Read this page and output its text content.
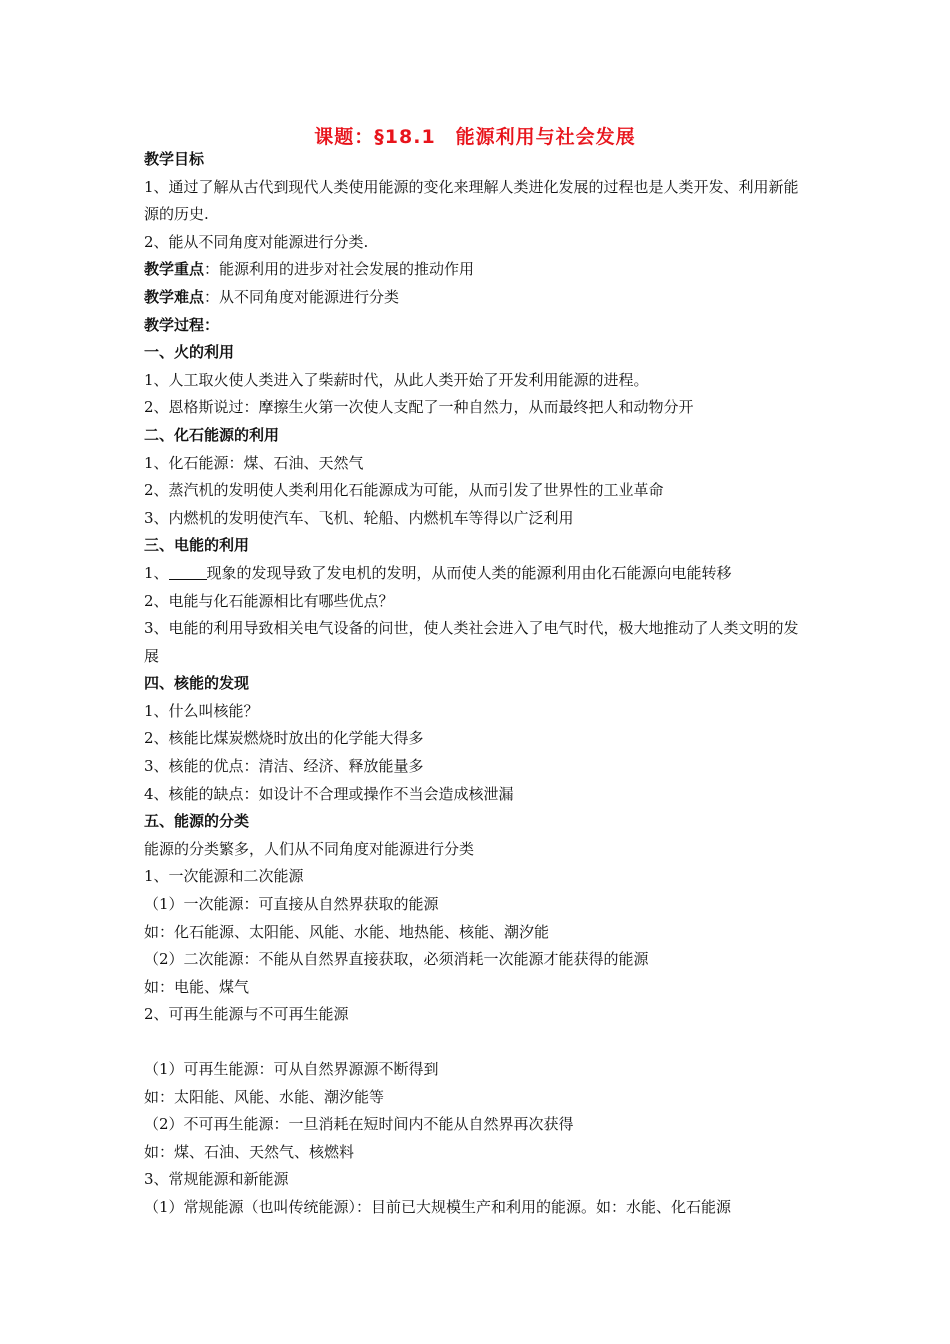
课题：§18.1　能源利用与社会发展
教学目标
1、通过了解从古代到现代人类使用能源的变化来理解人类进化发展的过程也是人类开发、利用新能源的历史.
2、能从不同角度对能源进行分类.
教学重点：能源利用的进步对社会发展的推动作用
教学难点：从不同角度对能源进行分类
教学过程：
一、火的利用
1、人工取火使人类进入了柴薪时代，从此人类开始了开发利用能源的进程。
2、恩格斯说过：摩擦生火第一次使人支配了一种自然力，从而最终把人和动物分开
二、化石能源的利用
1、化石能源：煤、石油、天然气
2、蒸汽机的发明使人类利用化石能源成为可能，从而引发了世界性的工业革命
3、内燃机的发明使汽车、飞机、轮船、内燃机车等得以广泛利用
三、电能的利用
1、	现象的发现导致了发电机的发明，从而使人类的能源利用由化石能源向电能转移
2、电能与化石能源相比有哪些优点？
3、电能的利用导致相关电气设备的问世，使人类社会进入了电气时代，极大地推动了人类文明的发展
四、核能的发现
1、什么叫核能？
2、核能比煤炭燃烧时放出的化学能大得多
3、核能的优点：清洁、经济、释放能量多
4、核能的缺点：如设计不合理或操作不当会造成核泄漏
五、能源的分类
能源的分类繁多，人们从不同角度对能源进行分类
1、一次能源和二次能源
（1）一次能源：可直接从自然界获取的能源
如：化石能源、太阳能、风能、水能、地热能、核能、潮汐能
（2）二次能源：不能从自然界直接获取，必须消耗一次能源才能获得的能源
如：电能、煤气
2、可再生能源与不可再生能源
（1）可再生能源：可从自然界源源不断得到
如：太阳能、风能、水能、潮汐能等
（2）不可再生能源：一旦消耗在短时间内不能从自然界再次获得
如：煤、石油、天然气、核燃料
3、常规能源和新能源
（1）常规能源（也叫传统能源）：目前已大规模生产和利用的能源。如：水能、化石能源
